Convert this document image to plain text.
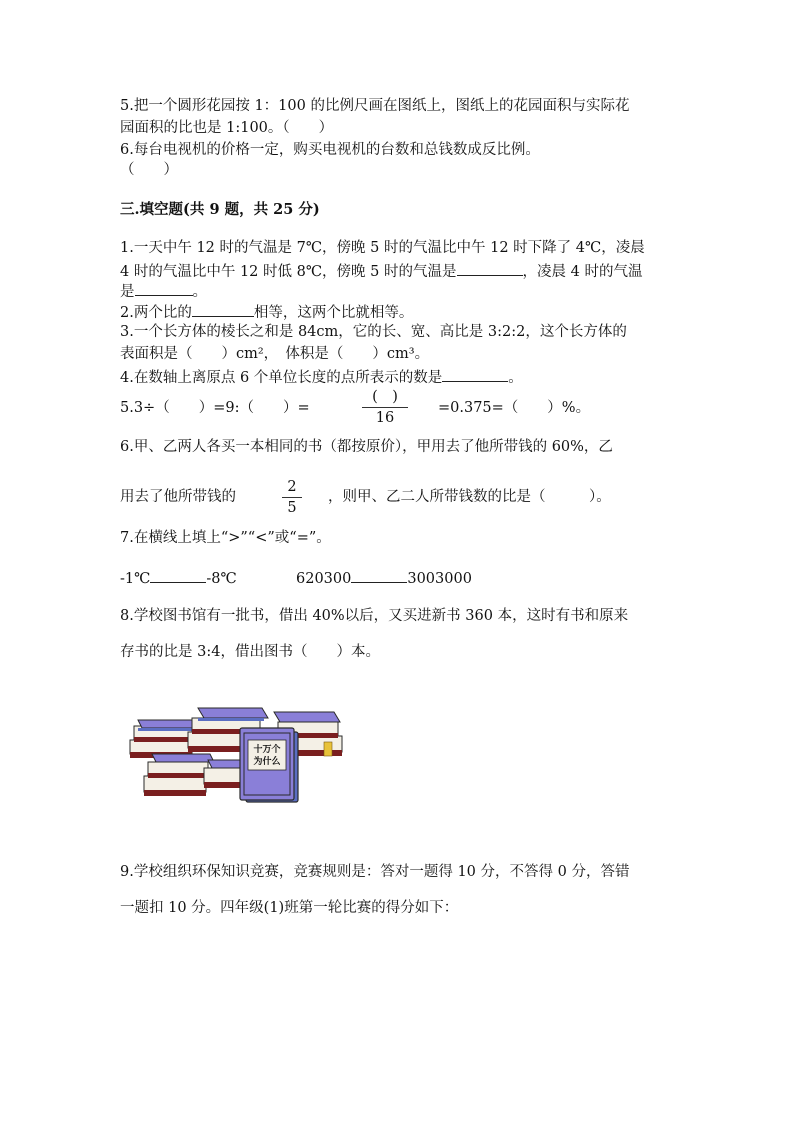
5.把一个圆形花园按 1：100 的比例尺画在图纸上，图纸上的花园面积与实际花
园面积的比也是 1:100。（　　）
6.每台电视机的价格一定，购买电视机的台数和总钱数成反比例。
（　　）
三.填空题(共 9 题，共 25 分)
1.一天中午 12 时的气温是 7℃，傍晚 5 时的气温比中午 12 时下降了 4℃，凌晨
4 时的气温比中午 12 时低 8℃，傍晚 5 时的气温是	，凌晨 4 时的气温
是	。
2.两个比的	相等，这两个比就相等。
3.一个长方体的棱长之和是 84cm，它的长、宽、高比是 3:2:2，这个长方体的
表面积是（　　）cm²，　体积是（　　）cm³。
4.在数轴上离原点 6 个单位长度的点所表示的数是	。
5.3÷（　　）=9:（　　）=
(　)
16
=0.375=（　　）%。
6.甲、乙两人各买一本相同的书（都按原价），甲用去了他所带钱的 60%，乙
用去了他所带钱的
2
5
，则甲、乙二人所带钱数的比是（　　　）。
7.在横线上填上“>”“<”或“=”。
-1℃	-8℃	620300	3003000
8.学校图书馆有一批书，借出 40%以后，又买进新书 360 本，这时有书和原来
存书的比是 3:4，借出图书（　　）本。
十万个
为什么
9.学校组织环保知识竞赛，竞赛规则是：答对一题得 10 分，不答得 0 分，答错
一题扣 10 分。四年级(1)班第一轮比赛的得分如下：
